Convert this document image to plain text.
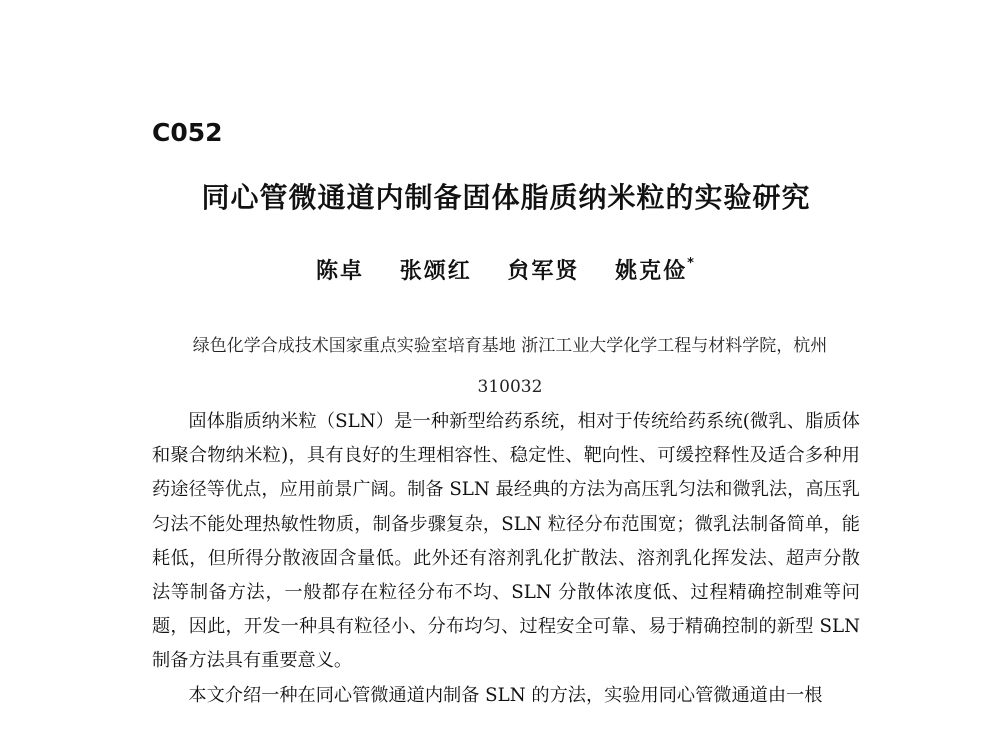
C052
同心管微通道内制备固体脂质纳米粒的实验研究
陈卓 张颂红 贠军贤 姚克俭*
绿色化学合成技术国家重点实验室培育基地 浙江工业大学化学工程与材料学院，杭州 310032

固体脂质纳米粒（SLN）是一种新型给药系统，相对于传统给药系统(微乳、脂质体和聚合物纳米粒)，具有良好的生理相容性、稳定性、靶向性、可缓控释性及适合多种用药途径等优点，应用前景广阔。制备 SLN 最经典的方法为高压乳匀法和微乳法，高压乳匀法不能处理热敏性物质，制备步骤复杂，SLN 粒径分布范围宽；微乳法制备简单，能耗低，但所得分散液固含量低。此外还有溶剂乳化扩散法、溶剂乳化挥发法、超声分散法等制备方法，一般都存在粒径分布不均、SLN 分散体浓度低、过程精确控制难等问题，因此，开发一种具有粒径小、分布均匀、过程安全可靠、易于精确控制的新型 SLN 制备方法具有重要意义。

本文介绍一种在同心管微通道内制备 SLN 的方法，实验用同心管微通道由一根
